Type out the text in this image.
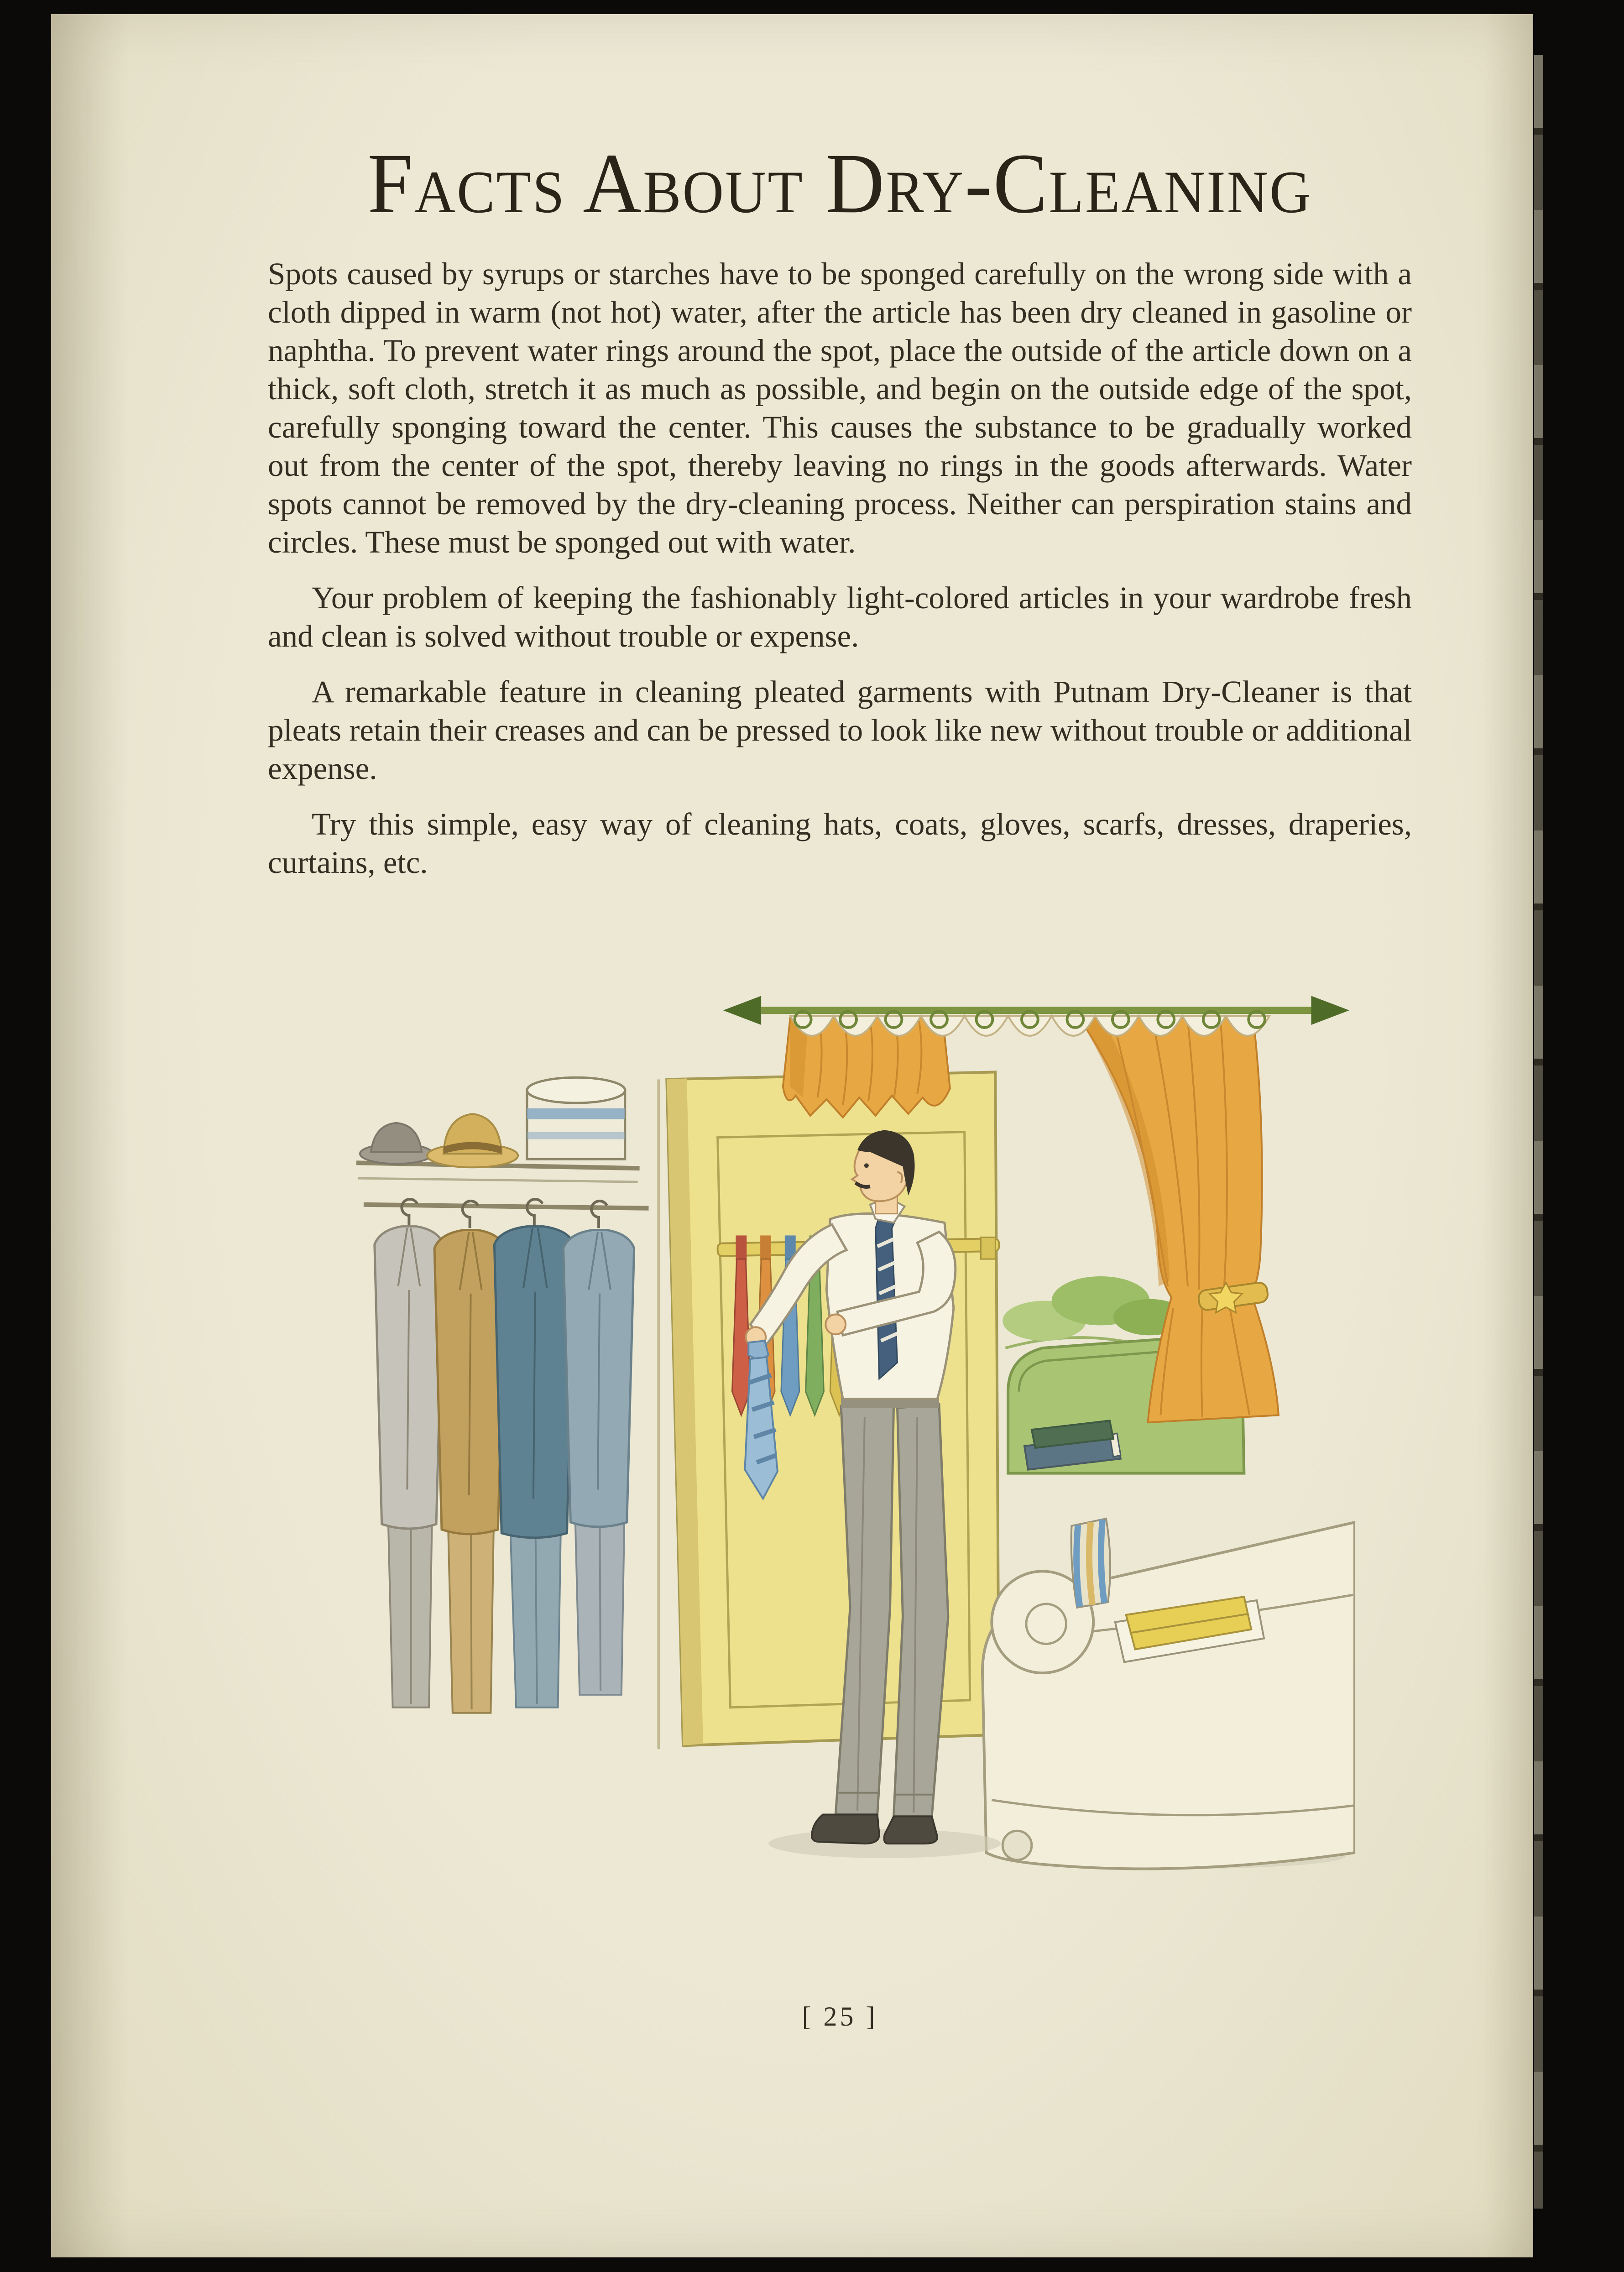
Facts About Dry-Cleaning

Spots caused by syrups or starches have to be sponged carefully on the wrong side with a cloth dipped in warm (not hot) water, after the article has been dry cleaned in gasoline or naphtha. To prevent water rings around the spot, place the outside of the article down on a thick, soft cloth, stretch it as much as possible, and begin on the outside edge of the spot, carefully sponging toward the center. This causes the substance to be gradually worked out from the center of the spot, thereby leaving no rings in the goods afterwards. Water spots cannot be removed by the dry-cleaning process. Neither can perspiration stains and circles. These must be sponged out with water.

Your problem of keeping the fashionably light-colored articles in your wardrobe fresh and clean is solved without trouble or expense.

A remarkable feature in cleaning pleated garments with Putnam Dry-Cleaner is that pleats retain their creases and can be pressed to look like new without trouble or additional expense.

Try this simple, easy way of cleaning hats, coats, gloves, scarfs, dresses, draperies, curtains, etc.

[ 25 ]
